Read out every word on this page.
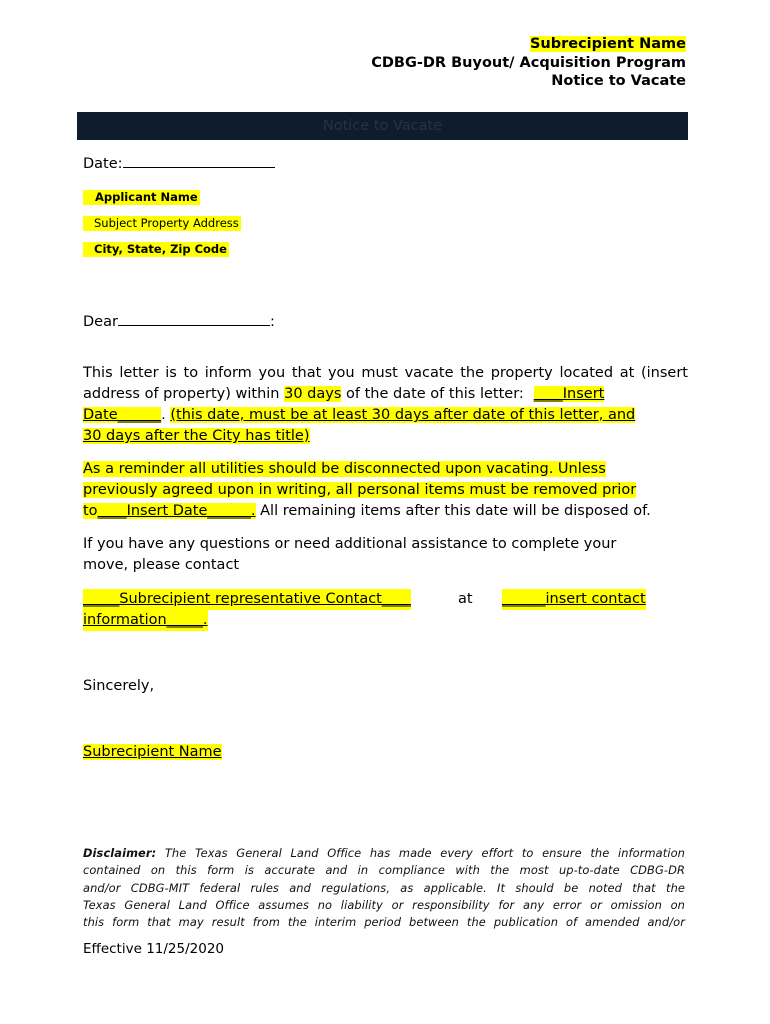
Subrecipient Name
CDBG-DR Buyout/ Acquisition Program
Notice to Vacate
Notice to Vacate
Date:
Applicant Name
Subject Property Address
City, State, Zip Code
Dear	:
This letter is to inform you that you must vacate the property located at (insert
address of property) within 30 days of the date of this letter: ____Insert
Date______. (this date, must be at least 30 days after date of this letter, and
30 days after the City has title)
As a reminder all utilities should be disconnected upon vacating. Unless
previously agreed upon in writing, all personal items must be removed prior
to____Insert Date______. All remaining items after this date will be disposed of.
If you have any questions or need additional assistance to complete your
move, please contact
_____Subrecipient representative Contact____	at ______insert contact
information_____.
Sincerely,
Subrecipient Name
Disclaimer: The Texas General Land Office has made every effort to ensure the information
contained on this form is accurate and in compliance with the most up-to-date CDBG-DR
and/or CDBG-MIT federal rules and regulations, as applicable. It should be noted that the
Texas General Land Office assumes no liability or responsibility for any error or omission on
this form that may result from the interim period between the publication of amended and/or
Effective 11/25/2020
